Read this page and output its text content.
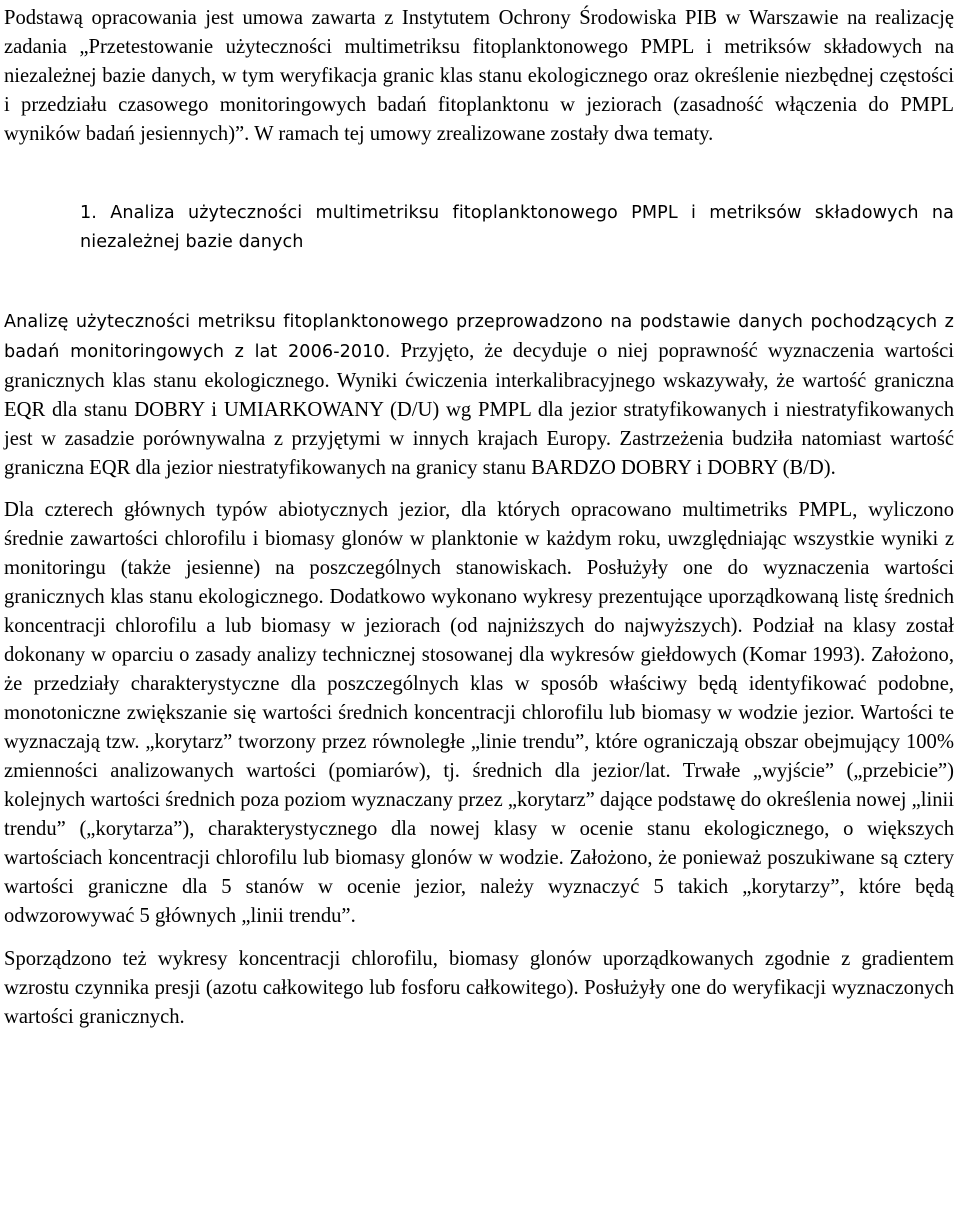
Podstawą opracowania jest umowa zawarta z Instytutem Ochrony Środowiska PIB w Warszawie na realizację zadania „Przetestowanie użyteczności multimetriksu fitoplanktonowego PMPL i metriksów składowych na niezależnej bazie danych, w tym weryfikacja granic klas stanu ekologicznego oraz określenie niezbędnej częstości i przedziału czasowego monitoringowych badań fitoplanktonu w jeziorach (zasadność włączenia do PMPL wyników badań jesiennych)”. W ramach tej umowy zrealizowane zostały dwa tematy.

1. Analiza użyteczności multimetriksu fitoplanktonowego PMPL i metriksów składowych na niezależnej bazie danych

Analizę użyteczności metriksu fitoplanktonowego przeprowadzono na podstawie danych pochodzących z badań monitoringowych z lat 2006-2010. Przyjęto, że decyduje o niej poprawność wyznaczenia wartości granicznych klas stanu ekologicznego. Wyniki ćwiczenia interkalibracyjnego wskazywały, że wartość graniczna EQR dla stanu DOBRY i UMIARKOWANY (D/U) wg PMPL dla jezior stratyfikowanych i niestratyfikowanych jest w zasadzie porównywalna z przyjętymi w innych krajach Europy. Zastrzeżenia budziła natomiast wartość graniczna EQR dla jezior niestratyfikowanych na granicy stanu BARDZO DOBRY i DOBRY (B/D).

Dla czterech głównych typów abiotycznych jezior, dla których opracowano multimetriks PMPL, wyliczono średnie zawartości chlorofilu i biomasy glonów w planktonie w każdym roku, uwzględniając wszystkie wyniki z monitoringu (także jesienne) na poszczególnych stanowiskach. Posłużyły one do wyznaczenia wartości granicznych klas stanu ekologicznego. Dodatkowo wykonano wykresy prezentujące uporządkowaną listę średnich koncentracji chlorofilu a lub biomasy w jeziorach (od najniższych do najwyższych). Podział na klasy został dokonany w oparciu o zasady analizy technicznej stosowanej dla wykresów giełdowych (Komar 1993). Założono, że przedziały charakterystyczne dla poszczególnych klas w sposób właściwy będą identyfikować podobne, monotoniczne zwiększanie się wartości średnich koncentracji chlorofilu lub biomasy w wodzie jezior. Wartości te wyznaczają tzw. „korytarz” tworzony przez równoległe „linie trendu”, które ograniczają obszar obejmujący 100% zmienności analizowanych wartości (pomiarów), tj. średnich dla jezior/lat. Trwałe „wyjście” („przebicie”) kolejnych wartości średnich poza poziom wyznaczany przez „korytarz” dające podstawę do określenia nowej „linii trendu” („korytarza”), charakterystycznego dla nowej klasy w ocenie stanu ekologicznego, o większych wartościach koncentracji chlorofilu lub biomasy glonów w wodzie. Założono, że ponieważ poszukiwane są cztery wartości graniczne dla 5 stanów w ocenie jezior, należy wyznaczyć 5 takich „korytarzy”, które będą odwzorowywać 5 głównych „linii trendu”.

Sporządzono też wykresy koncentracji chlorofilu, biomasy glonów uporządkowanych zgodnie z gradientem wzrostu czynnika presji (azotu całkowitego lub fosforu całkowitego). Posłużyły one do weryfikacji wyznaczonych wartości granicznych.
